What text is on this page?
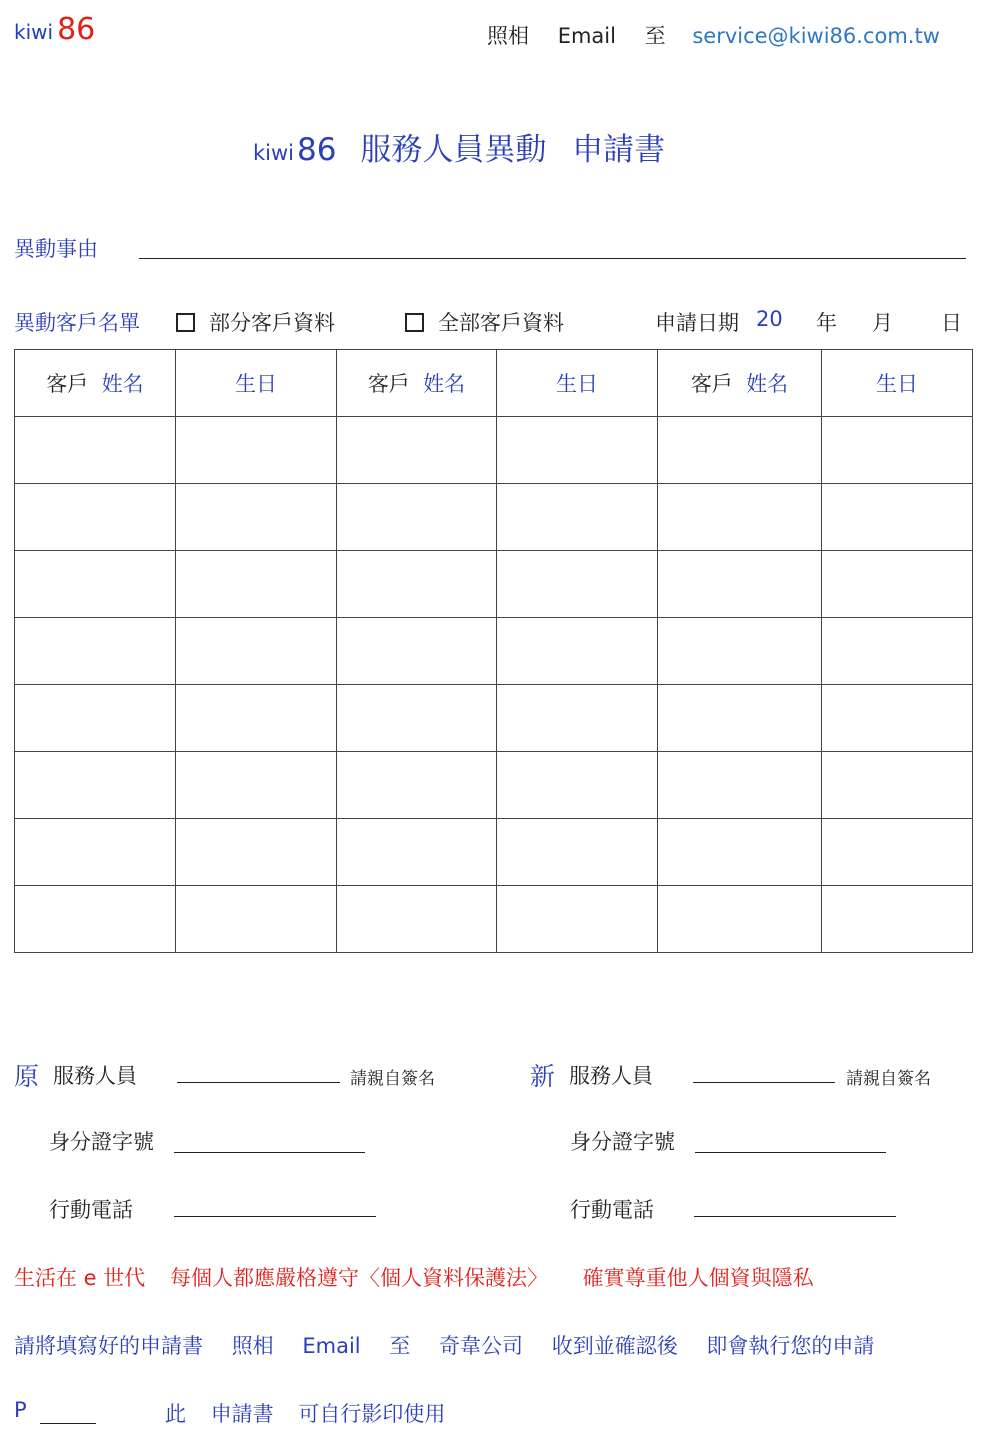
kiwi 86	照相 Email 至 service@kiwi86.com.tw
kiwi86 服務人員異動 申請書
異動事由
異動客戶名單	部分客戶資料	全部客戶資料	申請日期 20 年 月 日
客戶 姓名	生日	客戶 姓名	生日	客戶 姓名	生日

原 服務人員	請親自簽名
身分證字號
行動電話
新 服務人員	請親自簽名
身分證字號
行動電話
生活在 e 世代 每個人都應嚴格遵守〈個人資料保護法〉 確實尊重他人個資與隱私
請將填寫好的申請書 照相 Email 至 奇韋公司 收到並確認後 即會執行您的申請
P	此 申請書 可自行影印使用
